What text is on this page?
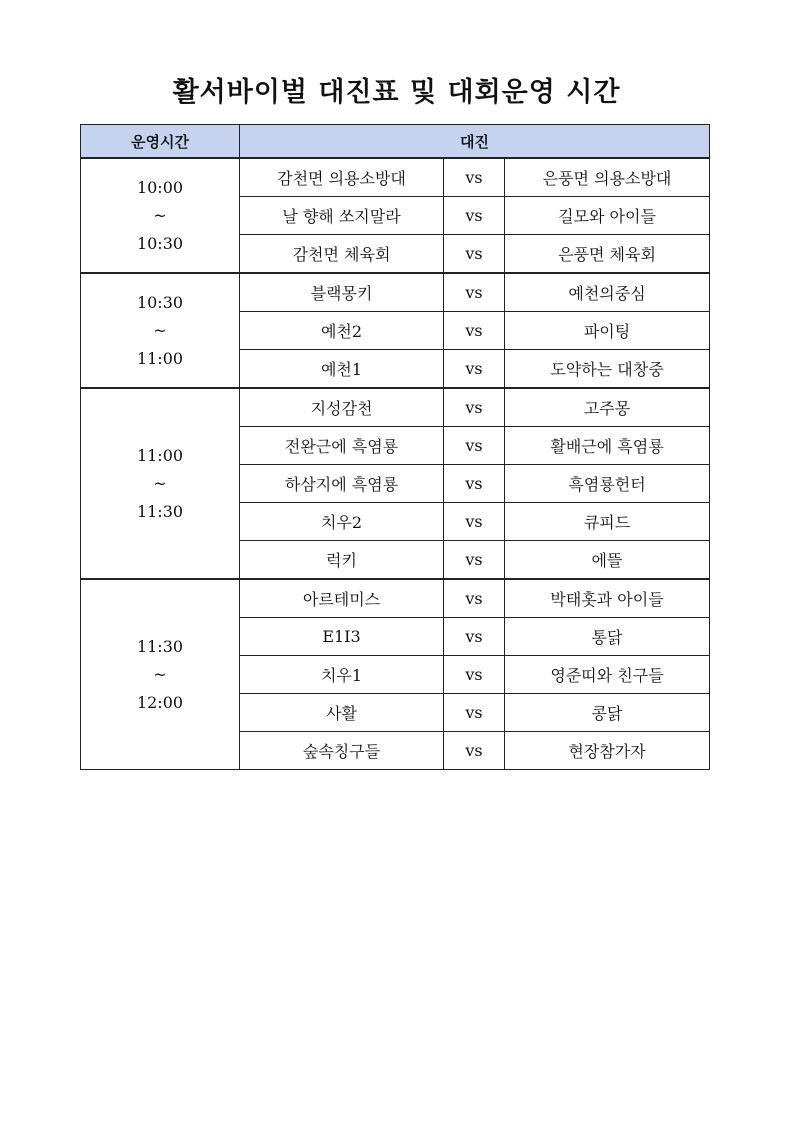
활서바이벌 대진표 및 대회운영 시간
운영시간	대진		

10:00
~
10:30	감천면 의용소방대	vs	은풍면 의용소방대
	날 향해 쏘지말라	vs	길모와 아이들
	감천면 체육회	vs	은풍면 체육회

10:30
~
11:00	블랙몽키	vs	예천의중심
	예천2	vs	파이팅
	예천1	vs	도약하는 대창중

11:00
~
11:30	지성감천	vs	고주몽
	전완근에 흑염룡	vs	활배근에 흑염룡
	하삼지에 흑염룡	vs	흑염룡헌터
	치우2	vs	큐피드
	럭키	vs	에뜰

11:30
~
12:00	아르테미스	vs	박태홋과 아이들
	E1I3	vs	통닭
	치우1	vs	영준띠와 친구들
	사활	vs	콩닭
	숲속칭구들	vs	현장참가자
